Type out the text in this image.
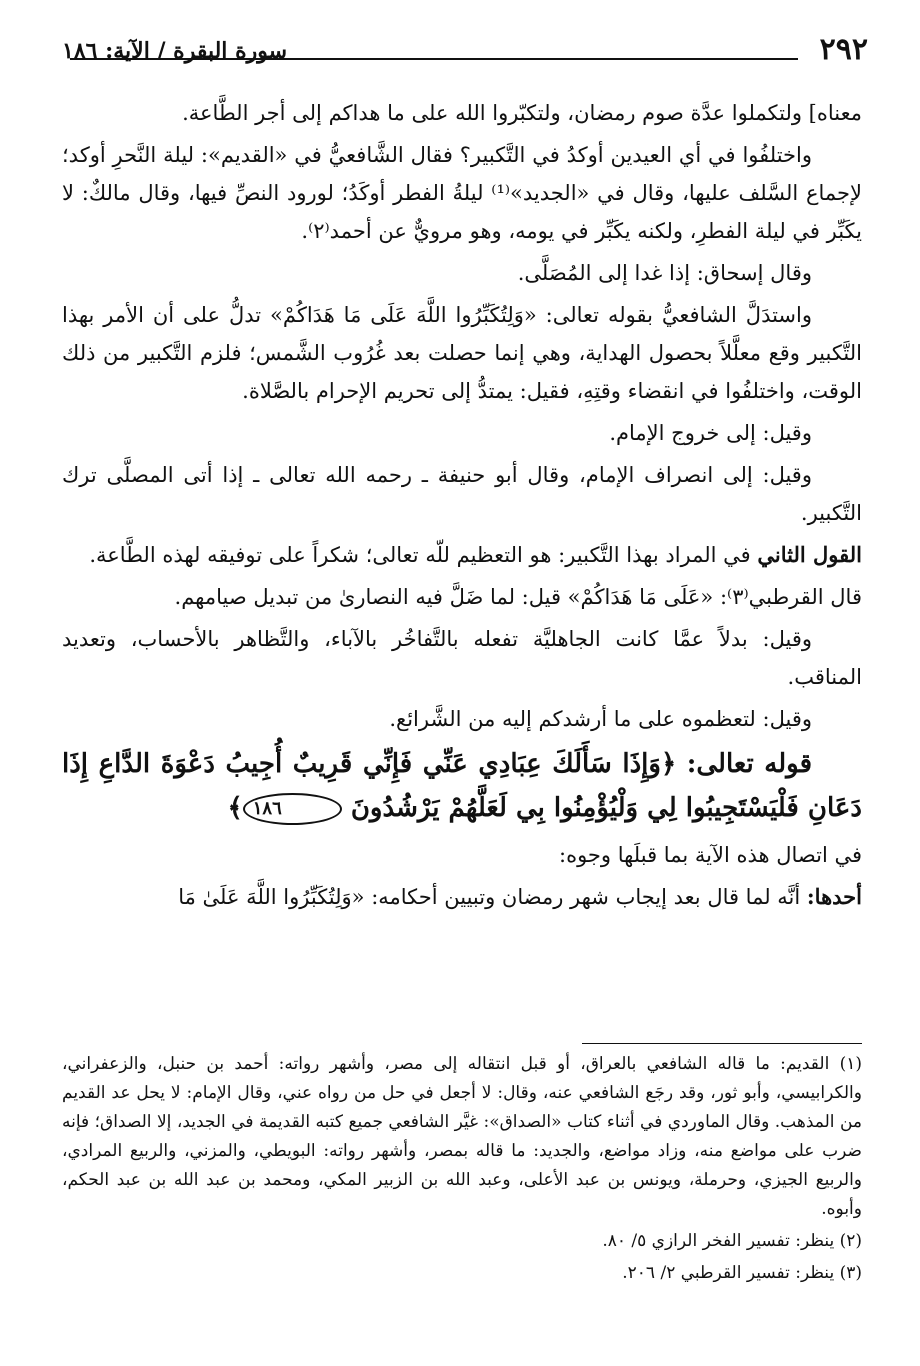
٢٩٢
سورة البقرة / الآية: ١٨٦

معناه] ولتكملوا عدَّة صوم رمضان، ولتكبّروا الله على ما هداكم إلى أجر الطَّاعة.

واختلفُوا في أي العيدين أوكدُ في التَّكبير؟ فقال الشَّافعيُّ في «القديم»: ليلة النَّحرِ أوكد؛ لإجماع السَّلف عليها، وقال في «الجديد»⁽¹⁾ ليلةُ الفطر أوكَدُ؛ لورود النصِّ فيها، وقال مالكٌ: لا يكَبِّر في ليلة الفطرِ، ولكنه يكَبِّر في يومه، وهو مرويٌّ عن أحمد⁽٢⁾.

وقال إسحاق: إذا غدا إلى المُصَلَّى.

واستدَلَّ الشافعيُّ بقوله تعالى: «وَلِتُكَبِّرُوا اللَّهَ عَلَى مَا هَدَاكُمْ» تدلُّ على أن الأمر بهذا التَّكبير وقع معلَّلاً بحصول الهداية، وهي إنما حصلت بعد غُرُوب الشَّمس؛ فلزم التَّكبير من ذلك الوقت، واختلفُوا في انقضاء وقتِهِ، فقيل: يمتدُّ إلى تحريم الإحرام بالصَّلاة.

وقيل: إلى خروج الإمام.

وقيل: إلى انصراف الإمام، وقال أبو حنيفة ـ رحمه الله تعالى ـ إذا أتى المصلَّى ترك التَّكبير.

القول الثاني في المراد بهذا التَّكبير: هو التعظيم للّه تعالى؛ شكراً على توفيقه لهذه الطَّاعة.

قال القرطبي⁽٣⁾: «عَلَى مَا هَدَاكُمْ» قيل: لما ضَلَّ فيه النصارىٰ من تبديل صيامهم.

وقيل: بدلاً عمَّا كانت الجاهليَّة تفعله بالتَّفاخُر بالآباء، والتَّظاهر بالأحساب، وتعديد المناقب.

وقيل: لتعظموه على ما أرشدكم إليه من الشَّرائع.

قوله تعالى: ﴿وَإِذَا سَأَلَكَ عِبَادِي عَنِّي فَإِنِّي قَرِيبٌ أُجِيبُ دَعْوَةَ الدَّاعِ إِذَا دَعَانِ فَلْيَسْتَجِيبُوا لِي وَلْيُؤْمِنُوا بِي لَعَلَّهُمْ يَرْشُدُونَ ١٨٦﴾

في اتصال هذه الآية بما قبلَها وجوه:

أحدها: أنَّه لما قال بعد إيجاب شهر رمضان وتبيين أحكامه: «وَلِتُكَبِّرُوا اللَّهَ عَلَىٰ مَا

(١) القديم: ما قاله الشافعي بالعراق، أو قبل انتقاله إلى مصر، وأشهر رواته: أحمد بن حنبل، والزعفراني، والكرابيسي، وأبو ثور، وقد رجَع الشافعي عنه، وقال: لا أجعل في حل من رواه عني، وقال الإمام: لا يحل عد القديم من المذهب. وقال الماوردي في أثناء كتاب «الصداق»: غيَّر الشافعي جميع كتبه القديمة في الجديد، إلا الصداق؛ فإنه ضرب على مواضع منه، وزاد مواضع، والجديد: ما قاله بمصر، وأشهر رواته: البويطي، والمزني، والربيع المرادي، والربيع الجيزي، وحرملة، ويونس بن عبد الأعلى، وعبد الله بن الزبير المكي، ومحمد بن عبد الله بن عبد الحكم، وأبوه.

(٢) ينظر: تفسير الفخر الرازي ٥/ ٨٠.

(٣) ينظر: تفسير القرطبي ٢/ ٢٠٦.
